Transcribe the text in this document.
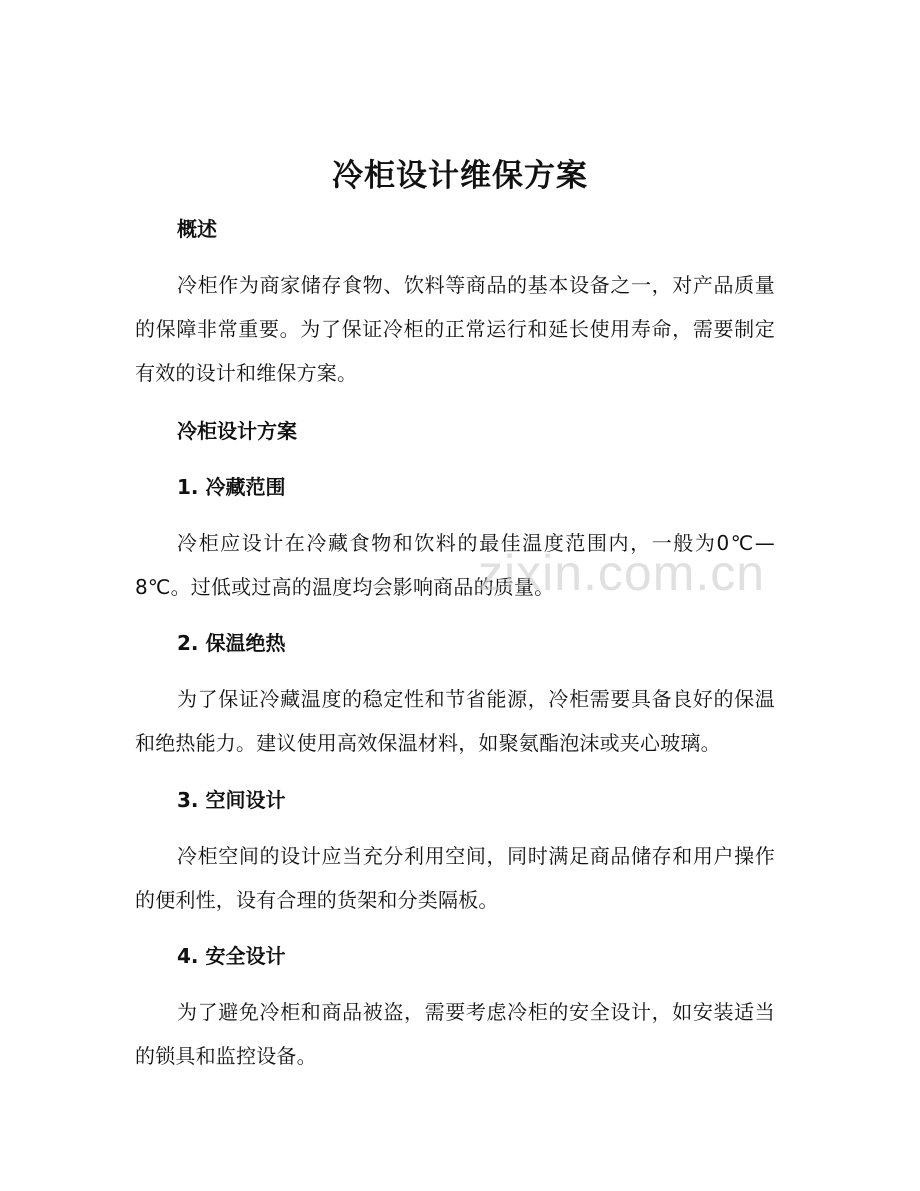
冷柜设计维保方案
概述
冷柜作为商家储存食物、饮料等商品的基本设备之一，对产品质量的保障非常重要。为了保证冷柜的正常运行和延长使用寿命，需要制定有效的设计和维保方案。
冷柜设计方案
1. 冷藏范围
冷柜应设计在冷藏食物和饮料的最佳温度范围内，一般为0℃—8℃。过低或过高的温度均会影响商品的质量。
2. 保温绝热
为了保证冷藏温度的稳定性和节省能源，冷柜需要具备良好的保温和绝热能力。建议使用高效保温材料，如聚氨酯泡沫或夹心玻璃。
3. 空间设计
冷柜空间的设计应当充分利用空间，同时满足商品储存和用户操作的便利性，设有合理的货架和分类隔板。
4. 安全设计
为了避免冷柜和商品被盗，需要考虑冷柜的安全设计，如安装适当的锁具和监控设备。
zixin.com.cn
